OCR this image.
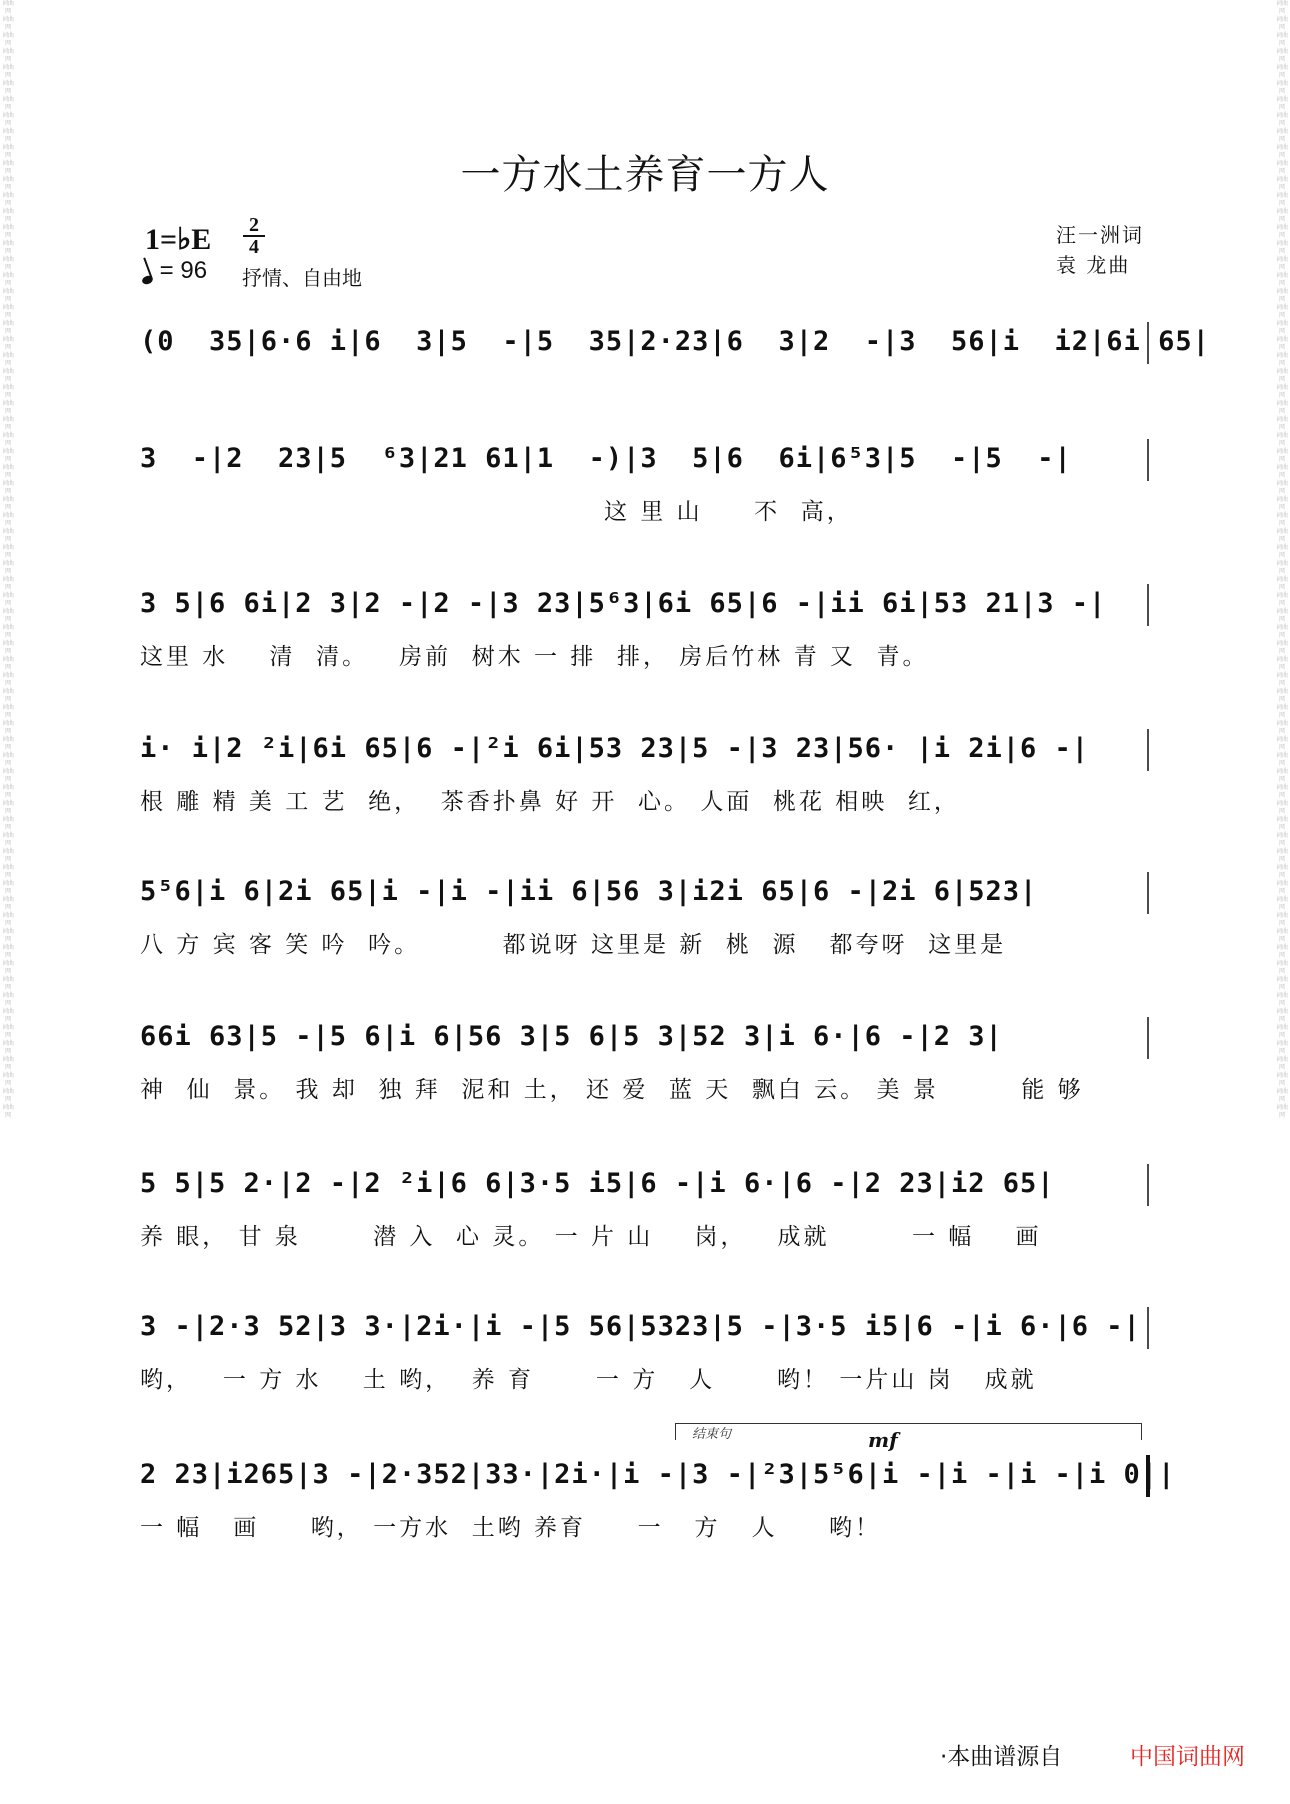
词曲网 词曲网 词曲网 词曲网 词曲网 词曲网 词曲网 词曲网 词曲网 词曲网 词曲网 词曲网 词曲网 词曲网 词曲网 词曲网 词曲网 词曲网 词曲网 词曲网 词曲网 词曲网 词曲网 词曲网 词曲网 词曲网 词曲网 词曲网 词曲网 词曲网 词曲网 词曲网 词曲网 词曲网 词曲网 词曲网 词曲网 词曲网 词曲网 词曲网 词曲网 词曲网 词曲网 词曲网 词曲网 词曲网 词曲网 词曲网 词曲网 词曲网 词曲网 词曲网 词曲网 词曲网 词曲网 词曲网 词曲网 词曲网 词曲网 词曲网 词曲网 词曲网 词曲网 词曲网 词曲网 词曲网 词曲网 词曲网 词曲网 词曲网
词曲网 词曲网 词曲网 词曲网 词曲网 词曲网 词曲网 词曲网 词曲网 词曲网 词曲网 词曲网 词曲网 词曲网 词曲网 词曲网 词曲网 词曲网 词曲网 词曲网 词曲网 词曲网 词曲网 词曲网 词曲网 词曲网 词曲网 词曲网 词曲网 词曲网 词曲网 词曲网 词曲网 词曲网 词曲网 词曲网 词曲网 词曲网 词曲网 词曲网 词曲网 词曲网 词曲网 词曲网 词曲网 词曲网 词曲网 词曲网 词曲网 词曲网 词曲网 词曲网 词曲网 词曲网 词曲网 词曲网 词曲网 词曲网 词曲网 词曲网 词曲网 词曲网 词曲网 词曲网 词曲网 词曲网 词曲网 词曲网 词曲网 词曲网
一方水土养育一方人
1=♭E	2
4
= 96 抒情、自由地
汪一洲词
袁 龙曲
(0  35|6·6 i|6  3|5  -|5  35|2·23|6  3|2  -|3  56|i  i2|6i 65|
3  -|2  23|5  ⁶3|21 61|1  -)|3  5|6  6i|6⁵3|5  -|5  -|
这 里 山     不  高，
3 5|6 6i|2 3|2 -|2 -|3 23|5⁶3|6i 65|6 -|ii 6i|53 21|3 -|
这里 水    清  清。   房前  树木 一 排  排， 房后竹林 青 又  青。
i· i|2 ²i|6i 65|6 -|²i 6i|53 23|5 -|3 23|56· |i 2i|6 -|
根 雕 精 美 工 艺  绝，  茶香扑鼻 好 开  心。 人面  桃花 相映  红，
5⁵6|i 6|2i 65|i -|i -|ii 6|56 3|i2i 65|6 -|2i 6|523|
八 方 宾 客 笑 吟  吟。        都说呀 这里是 新  桃  源   都夸呀  这里是
66i 63|5 -|5 6|i 6|56 3|5 6|5 3|52 3|i 6·|6 -|2 3|
神  仙  景。 我 却  独 拜  泥和 土， 还 爱  蓝 天  飘白 云。 美 景        能 够
5 5|5 2·|2 -|2 ²i|6 6|3·5 i5|6 -|i 6·|6 -|2 23|i2 65|
养 眼， 甘 泉       潜 入  心 灵。 一 片 山    岗，   成就        一 幅    画
3 -|2·3 52|3 3·|2i·|i -|5 56|5323|5 -|3·5 i5|6 -|i 6·|6 -|
哟，   一 方 水    土 哟，  养 育      一 方   人      哟！ 一片山 岗   成就
2 23|i265|3 -|2·352|33·|2i·|i -|3 -|²3|5⁵6|i -|i -|i -|i 0||
一 幅   画     哟， 一方水  土哟 养育     一   方   人     哟！
结束句	mf
·本曲谱源自	中国词曲网
